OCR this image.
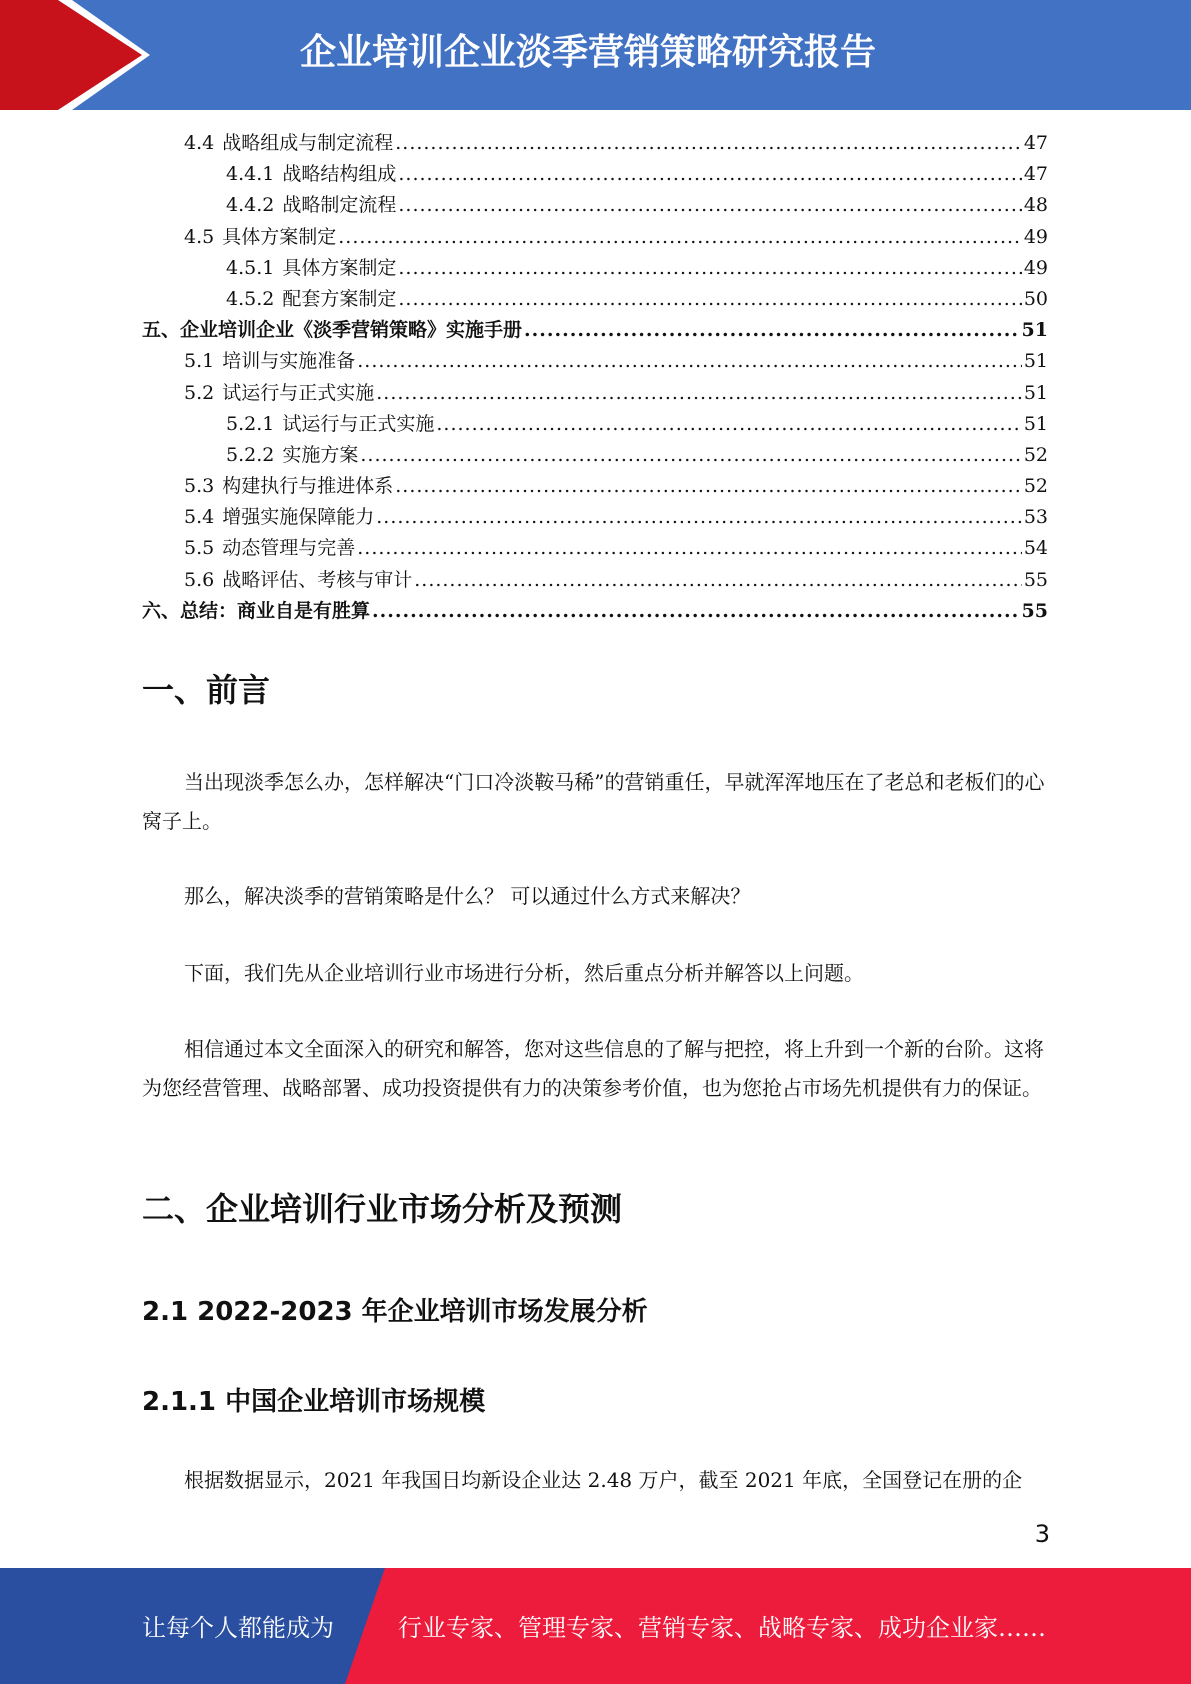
企业培训企业淡季营销策略研究报告
4.4 战略组成与制定流程 .....	47
4.4.1 战略结构组成 .....	47
4.4.2 战略制定流程 .....	48
4.5 具体方案制定 .....	49
4.5.1 具体方案制定 .....	49
4.5.2 配套方案制定 .....	50
五、企业培训企业《淡季营销策略》实施手册 .....	51
5.1 培训与实施准备 .....	51
5.2 试运行与正式实施 .....	51
5.2.1 试运行与正式实施 .....	51
5.2.2 实施方案 .....	52
5.3 构建执行与推进体系 .....	52
5.4 增强实施保障能力 .....	53
5.5 动态管理与完善 .....	54
5.6 战略评估、考核与审计 .....	55
六、总结：商业自是有胜算 .....	55
一、前言

当出现淡季怎么办，怎样解决“门口冷淡鞍马稀”的营销重任，早就浑浑地压在了老总和老板们的心窝子上。

那么，解决淡季的营销策略是什么？ 可以通过什么方式来解决？

下面，我们先从企业培训行业市场进行分析，然后重点分析并解答以上问题。

相信通过本文全面深入的研究和解答，您对这些信息的了解与把控，将上升到一个新的台阶。这将为您经营管理、战略部署、成功投资提供有力的决策参考价值，也为您抢占市场先机提供有力的保证。

二、企业培训行业市场分析及预测
2.1 2022-2023 年企业培训市场发展分析
2.1.1 中国企业培训市场规模

根据数据显示，2021 年我国日均新设企业达 2.48 万户，截至 2021 年底，全国登记在册的企

3
让每个人都能成为	行业专家、管理专家、营销专家、战略专家、成功企业家……
